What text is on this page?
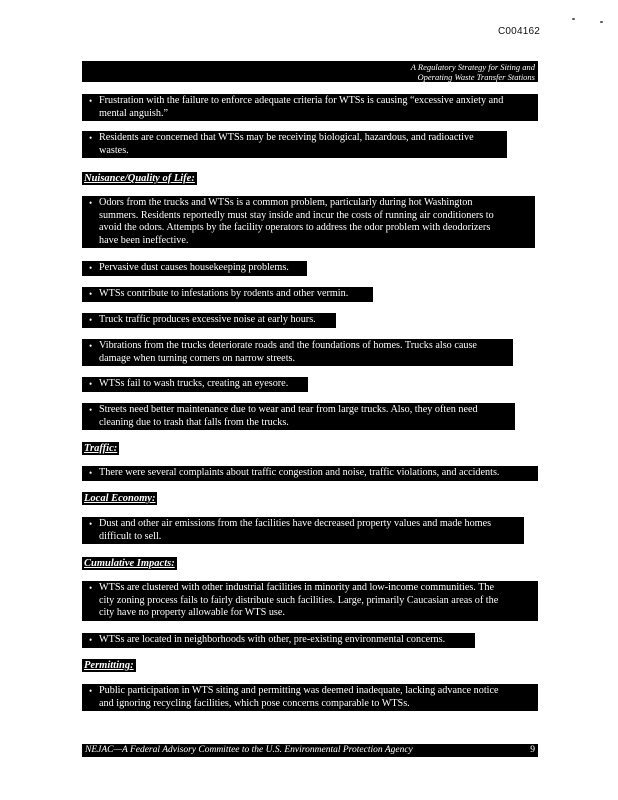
C004162
A Regulatory Strategy for Siting and
Operating Waste Transfer Stations
• Frustration with the failure to enforce adequate criteria for WTSs is causing “excessive anxiety and
mental anguish.”
• Residents are concerned that WTSs may be receiving biological, hazardous, and radioactive
wastes.
Nuisance/Quality of Life:
• Odors from the trucks and WTSs is a common problem, particularly during hot Washington
summers. Residents reportedly must stay inside and incur the costs of running air conditioners to
avoid the odors. Attempts by the facility operators to address the odor problem with deodorizers
have been ineffective.
• Pervasive dust causes housekeeping problems.
• WTSs contribute to infestations by rodents and other vermin.
• Truck traffic produces excessive noise at early hours.
• Vibrations from the trucks deteriorate roads and the foundations of homes. Trucks also cause
damage when turning corners on narrow streets.
• WTSs fail to wash trucks, creating an eyesore.
• Streets need better maintenance due to wear and tear from large trucks. Also, they often need
cleaning due to trash that falls from the trucks.
Traffic:
• There were several complaints about traffic congestion and noise, traffic violations, and accidents.
Local Economy:
• Dust and other air emissions from the facilities have decreased property values and made homes
difficult to sell.
Cumulative Impacts:
• WTSs are clustered with other industrial facilities in minority and low-income communities. The
city zoning process fails to fairly distribute such facilities. Large, primarily Caucasian areas of the
city have no property allowable for WTS use.
• WTSs are located in neighborhoods with other, pre-existing environmental concerns.
Permitting:
• Public participation in WTS siting and permitting was deemed inadequate, lacking advance notice
and ignoring recycling facilities, which pose concerns comparable to WTSs.
NEJAC—A Federal Advisory Committee to the U.S. Environmental Protection Agency	9
